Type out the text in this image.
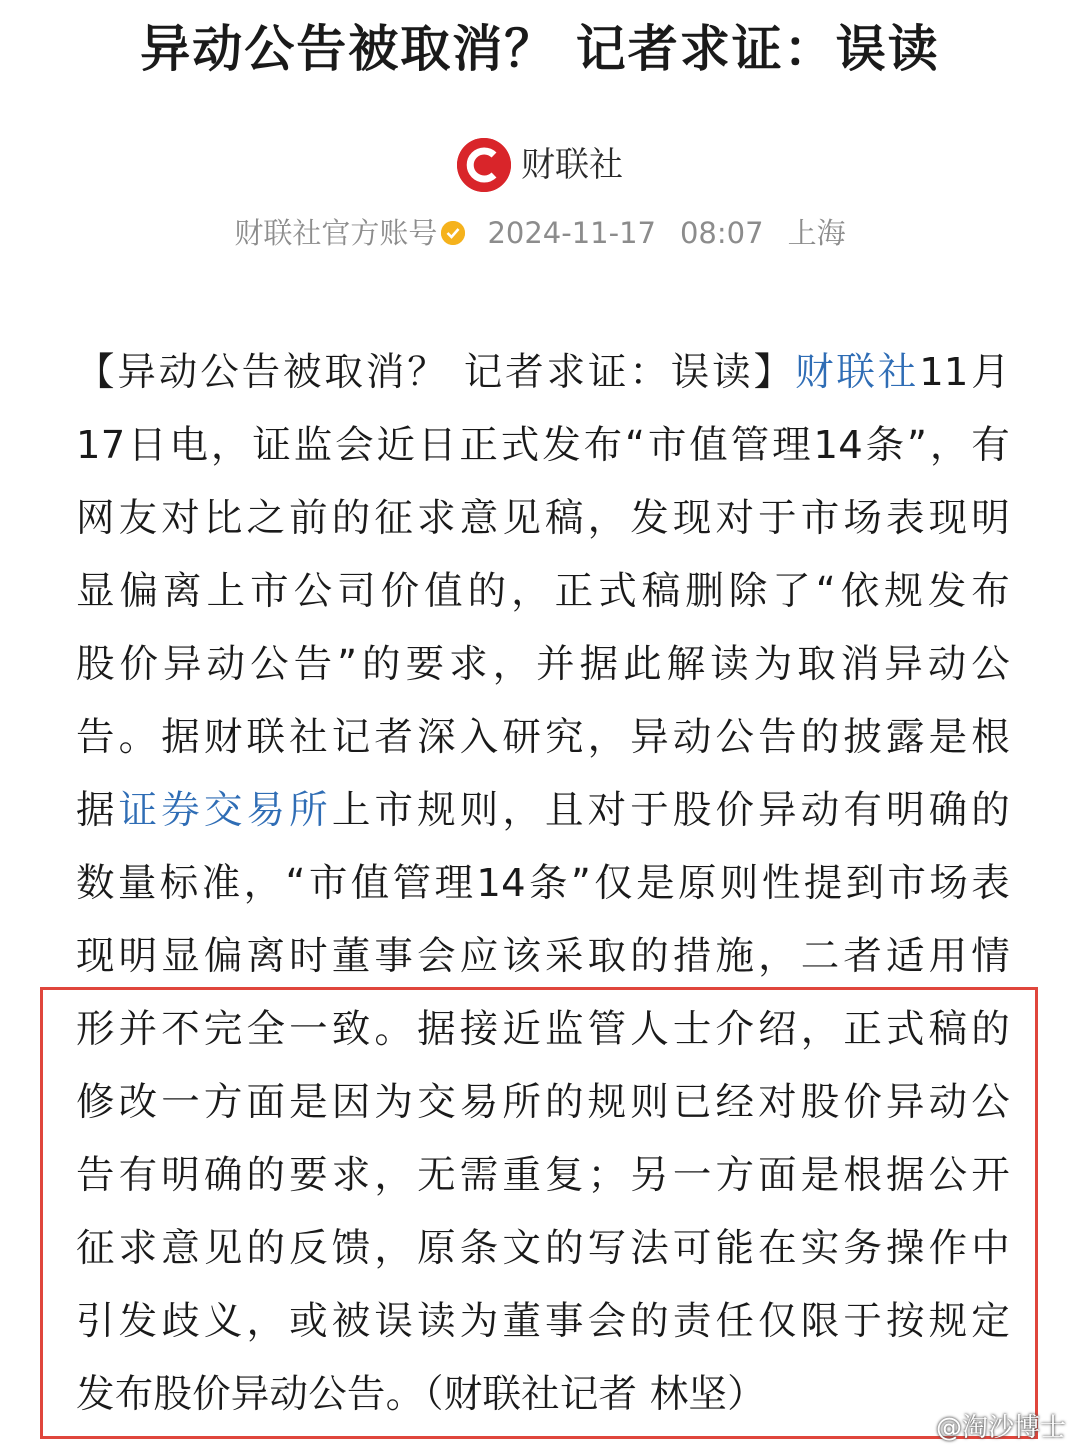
异动公告被取消？ 记者求证：误读
财联社
财联社官方账号 2024-11-17 08:07 上海
【异动公告被取消？ 记者求证：误读】财联社11月
17日电，证监会近日正式发布“市值管理14条”，有
网友对比之前的征求意见稿，发现对于市场表现明
显偏离上市公司价值的，正式稿删除了“依规发布
股价异动公告”的要求，并据此解读为取消异动公
告。据财联社记者深入研究，异动公告的披露是根
据证券交易所上市规则，且对于股价异动有明确的
数量标准，“市值管理14条”仅是原则性提到市场表
现明显偏离时董事会应该采取的措施，二者适用情
形并不完全一致。据接近监管人士介绍，正式稿的
修改一方面是因为交易所的规则已经对股价异动公
告有明确的要求，无需重复；另一方面是根据公开
征求意见的反馈，原条文的写法可能在实务操作中
引发歧义，或被误读为董事会的责任仅限于按规定
发布股价异动公告。（财联社记者 林坚）
@淘沙博士
